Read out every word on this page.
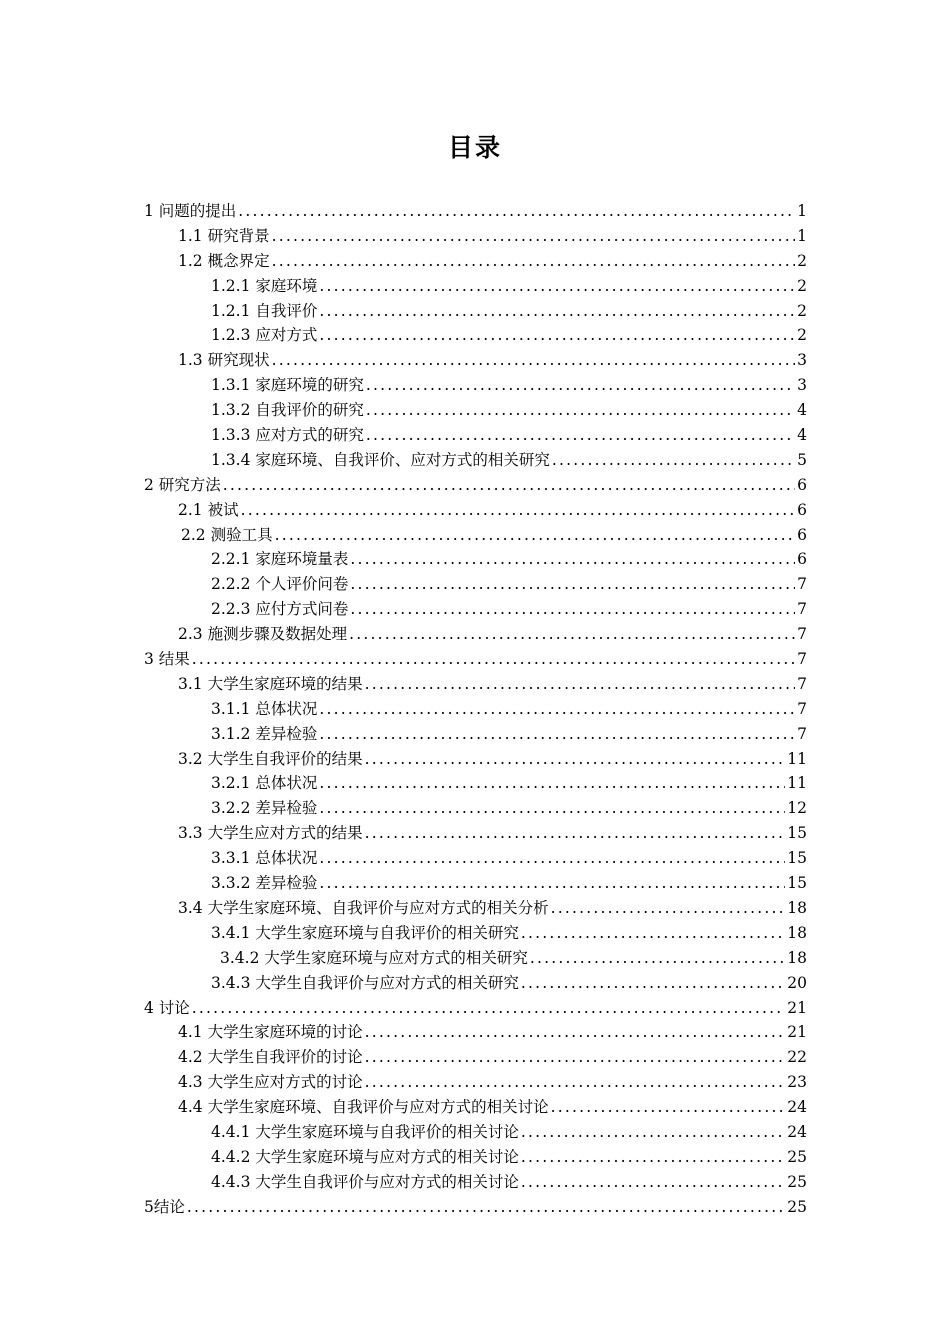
目录
1 问题的提出 .....	1
1.1 研究背景 .....	1
1.2 概念界定 .....	2
1.2.1 家庭环境 .....	2
1.2.1 自我评价 .....	2
1.2.3 应对方式 .....	2
1.3 研究现状 .....	3
1.3.1 家庭环境的研究 .....	3
1.3.2 自我评价的研究 .....	4
1.3.3 应对方式的研究 .....	4
1.3.4 家庭环境、自我评价、应对方式的相关研究 .....	5
2 研究方法 .....	6
2.1 被试 .....	6
2.2 测验工具 .....	6
2.2.1 家庭环境量表 .....	6
2.2.2 个人评价问卷 .....	7
2.2.3 应付方式问卷 .....	7
2.3 施测步骤及数据处理 .....	7
3 结果 .....	7
3.1 大学生家庭环境的结果 .....	7
3.1.1 总体状况 .....	7
3.1.2 差异检验 .....	7
3.2 大学生自我评价的结果 .....	11
3.2.1 总体状况 .....	11
3.2.2 差异检验 .....	12
3.3 大学生应对方式的结果 .....	15
3.3.1 总体状况 .....	15
3.3.2 差异检验 .....	15
3.4 大学生家庭环境、自我评价与应对方式的相关分析 .....	18
3.4.1 大学生家庭环境与自我评价的相关研究 .....	18
3.4.2 大学生家庭环境与应对方式的相关研究 .....	18
3.4.3 大学生自我评价与应对方式的相关研究 .....	20
4 讨论 .....	21
4.1 大学生家庭环境的讨论 .....	21
4.2 大学生自我评价的讨论 .....	22
4.3 大学生应对方式的讨论 .....	23
4.4 大学生家庭环境、自我评价与应对方式的相关讨论 .....	24
4.4.1 大学生家庭环境与自我评价的相关讨论 .....	24
4.4.2 大学生家庭环境与应对方式的相关讨论 .....	25
4.4.3 大学生自我评价与应对方式的相关讨论 .....	25
5结论 .....	25
